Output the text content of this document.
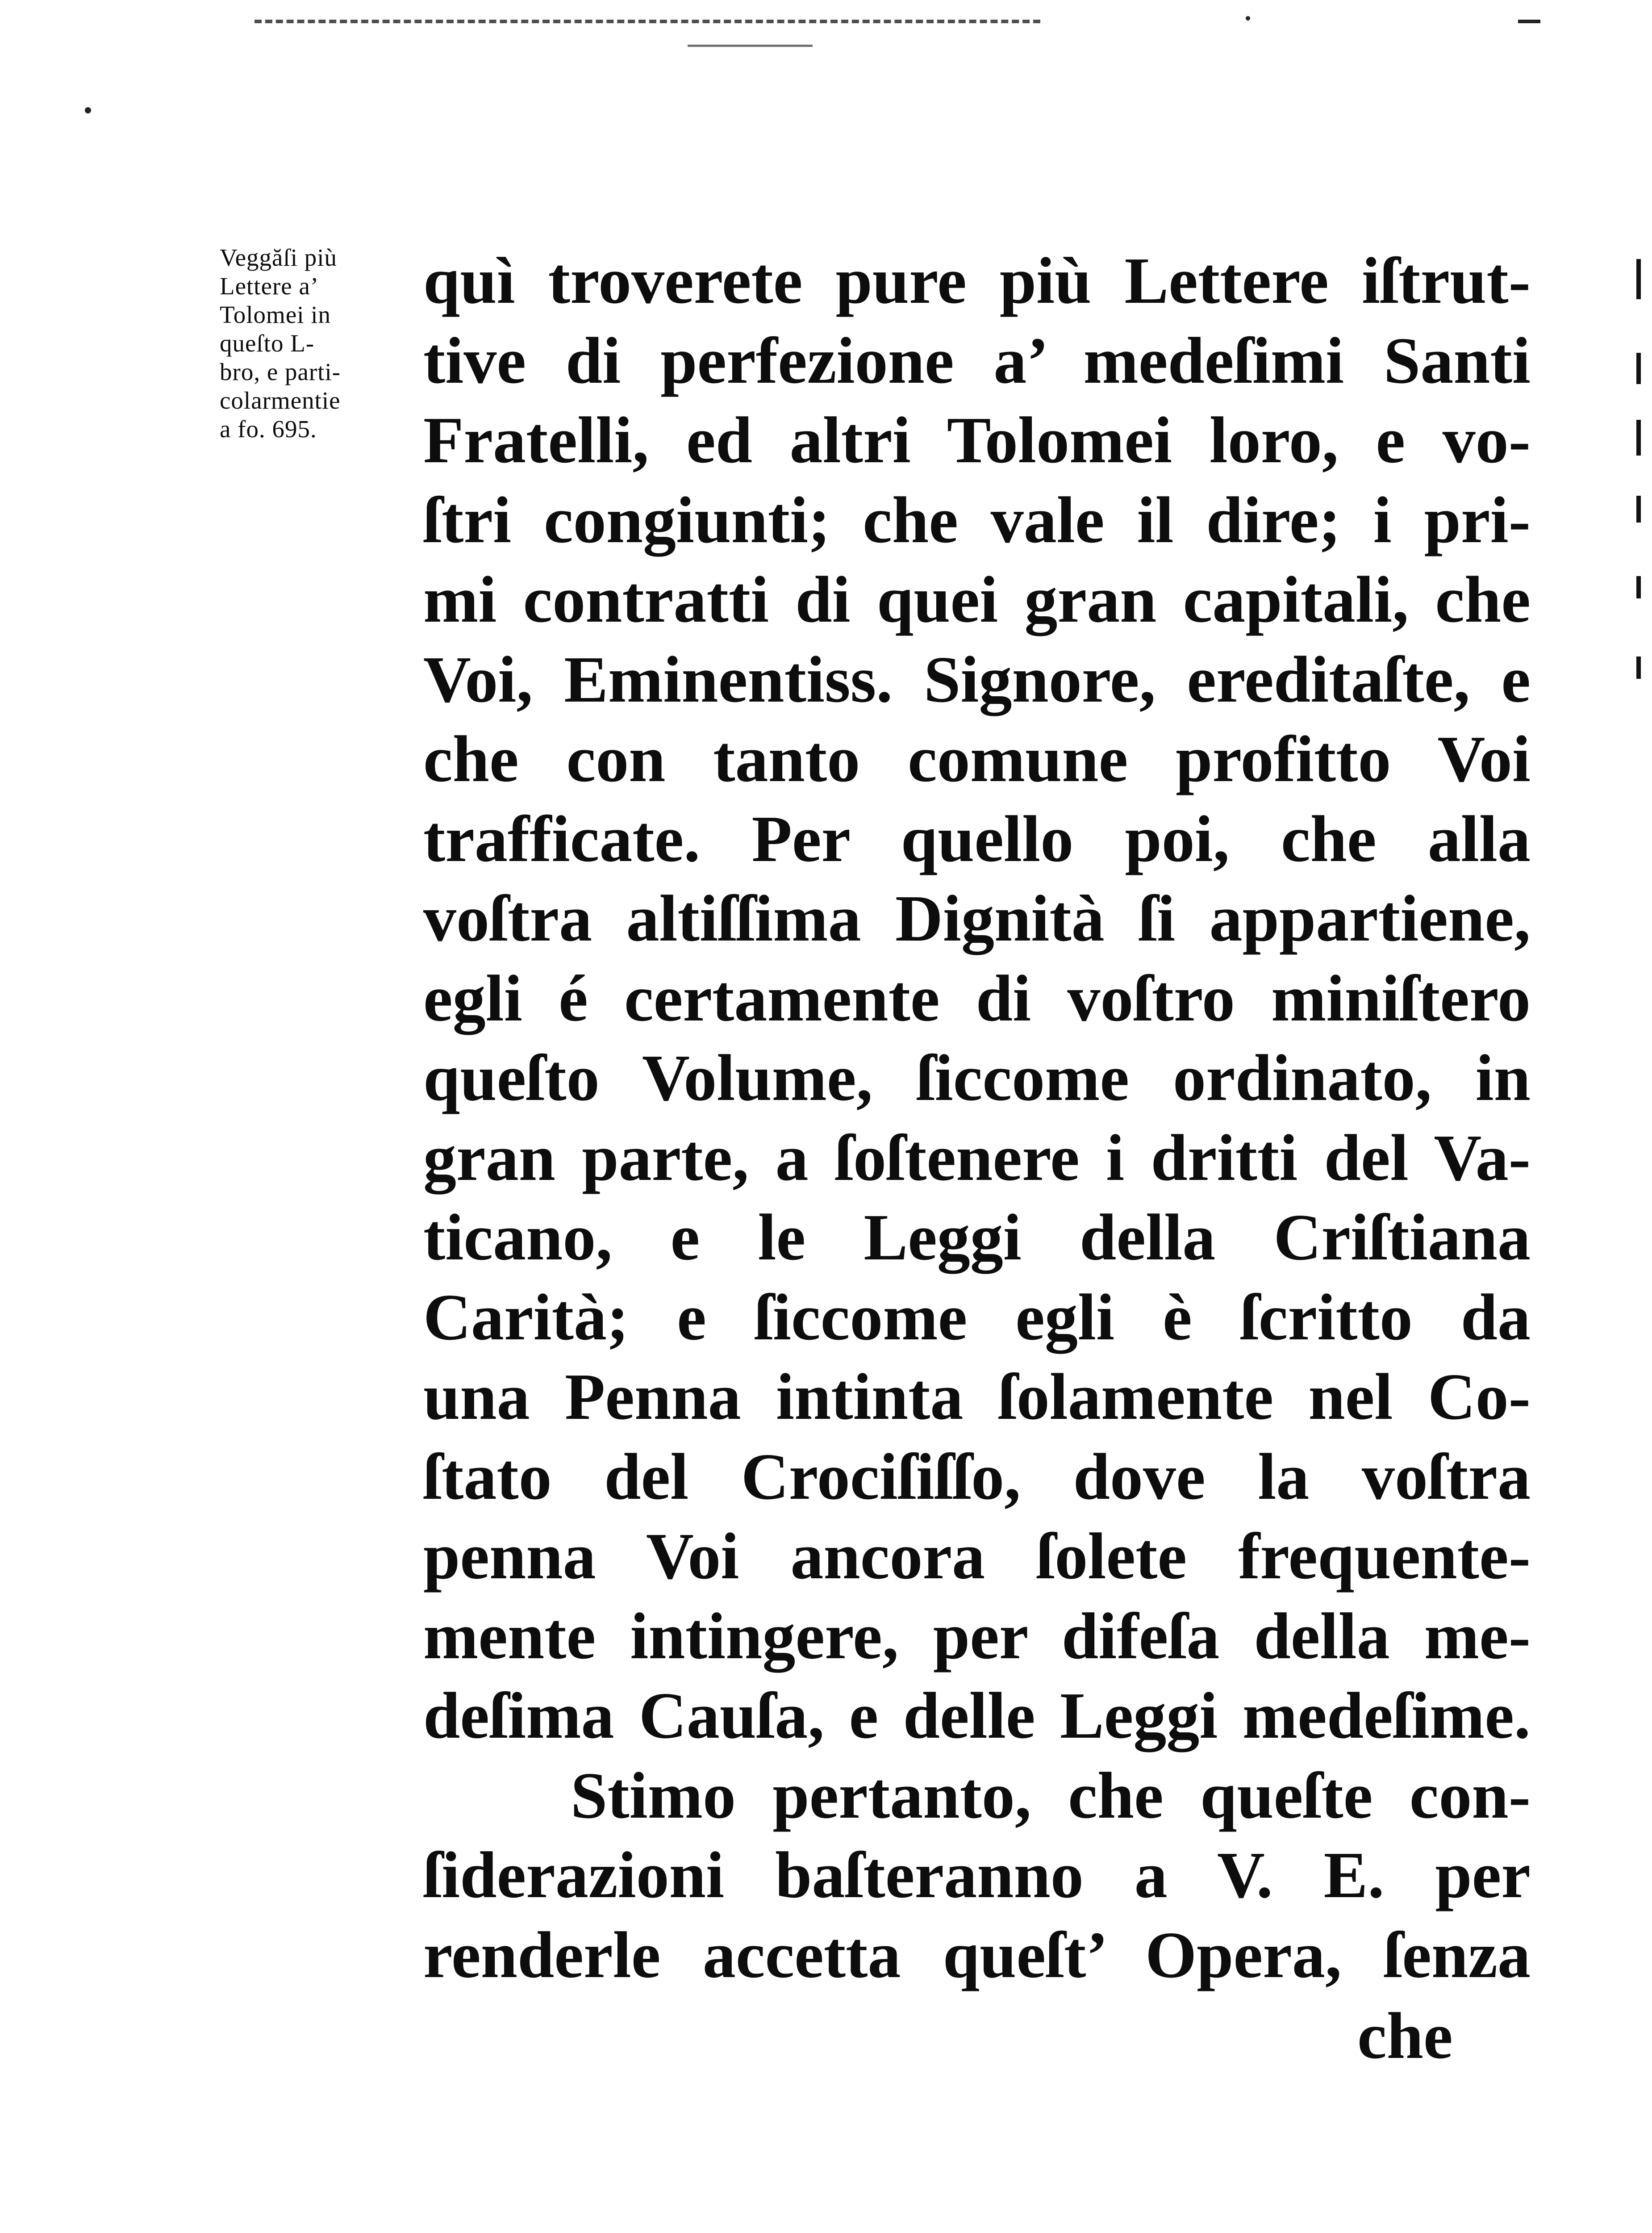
Veggăſi più
Lettere a’
Tolomei in
queſto L-
bro, e parti-
colarmentie
a fo. 695.
quì troverete pure più Lettere iſtrut-
tive di perfezione a’ medeſimi Santi
Fratelli, ed altri Tolomei loro, e vo-
ſtri congiunti; che vale il dire; i pri-
mi contratti di quei gran capitali, che
Voi, Eminentiss. Signore, ereditaſte, e
che con tanto comune profitto Voi
trafficate. Per quello poi, che alla
voſtra altiſſima Dignità ſi appartiene,
egli é certamente di voſtro miniſtero
queſto Volume, ſiccome ordinato, in
gran parte, a ſoſtenere i dritti del Va-
ticano, e le Leggi della Criſtiana
Carità; e ſiccome egli è ſcritto da
una Penna intinta ſolamente nel Co-
ſtato del Crociſiſſo, dove la voſtra
penna Voi ancora ſolete frequente-
mente intingere, per difeſa della me-
deſima Cauſa, e delle Leggi medeſime.
Stimo pertanto, che queſte con-
ſiderazioni baſteranno a V. E. per
renderle accetta queſt’ Opera, ſenza
che
